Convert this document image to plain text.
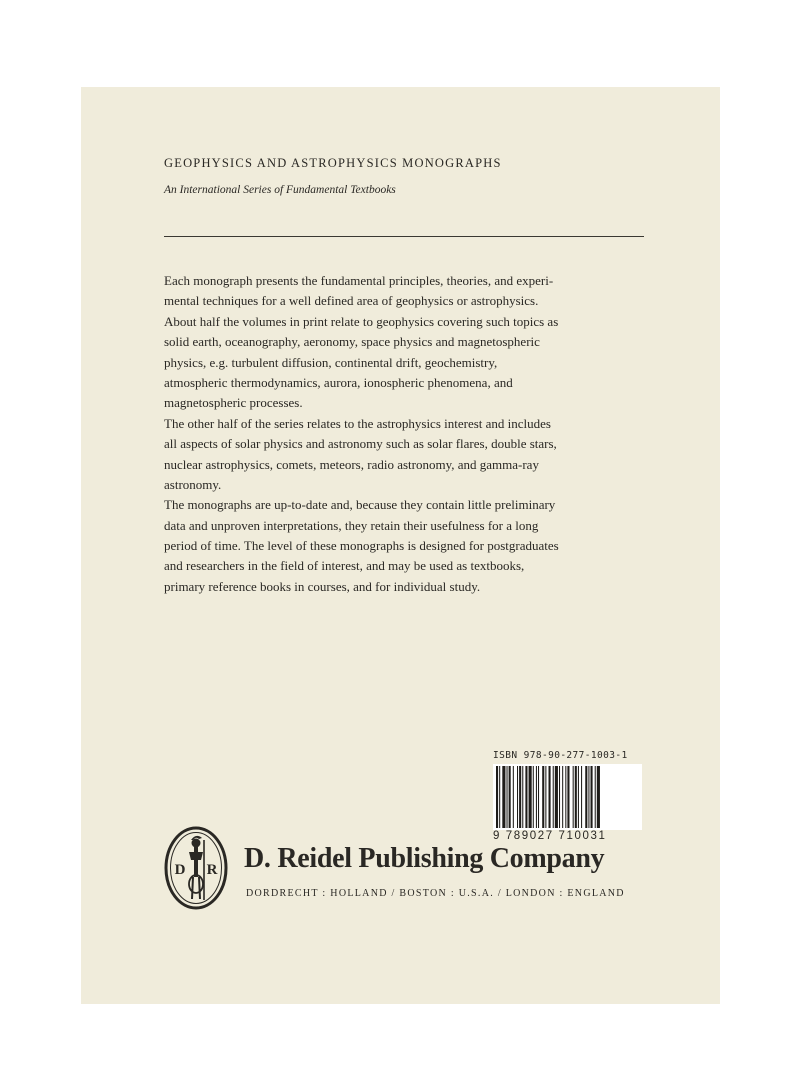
GEOPHYSICS AND ASTROPHYSICS MONOGRAPHS
An International Series of Fundamental Textbooks
Each monograph presents the fundamental principles, theories, and experi-
mental techniques for a well defined area of geophysics or astrophysics.
About half the volumes in print relate to geophysics covering such topics as
solid earth, oceanography, aeronomy, space physics and magnetospheric
physics, e.g. turbulent diffusion, continental drift, geochemistry,
atmospheric thermodynamics, aurora, ionospheric phenomena, and
magnetospheric processes.
The other half of the series relates to the astrophysics interest and includes
all aspects of solar physics and astronomy such as solar flares, double stars,
nuclear astrophysics, comets, meteors, radio astronomy, and gamma-ray
astronomy.
The monographs are up-to-date and, because they contain little preliminary
data and unproven interpretations, they retain their usefulness for a long
period of time. The level of these monographs is designed for postgraduates
and researchers in the field of interest, and may be used as textbooks,
primary reference books in courses, and for individual study.
ISBN 978-90-277-1003-1
9 789027 710031
D R D. Reidel Publishing Company
DORDRECHT : HOLLAND / BOSTON : U.S.A. / LONDON : ENGLAND
